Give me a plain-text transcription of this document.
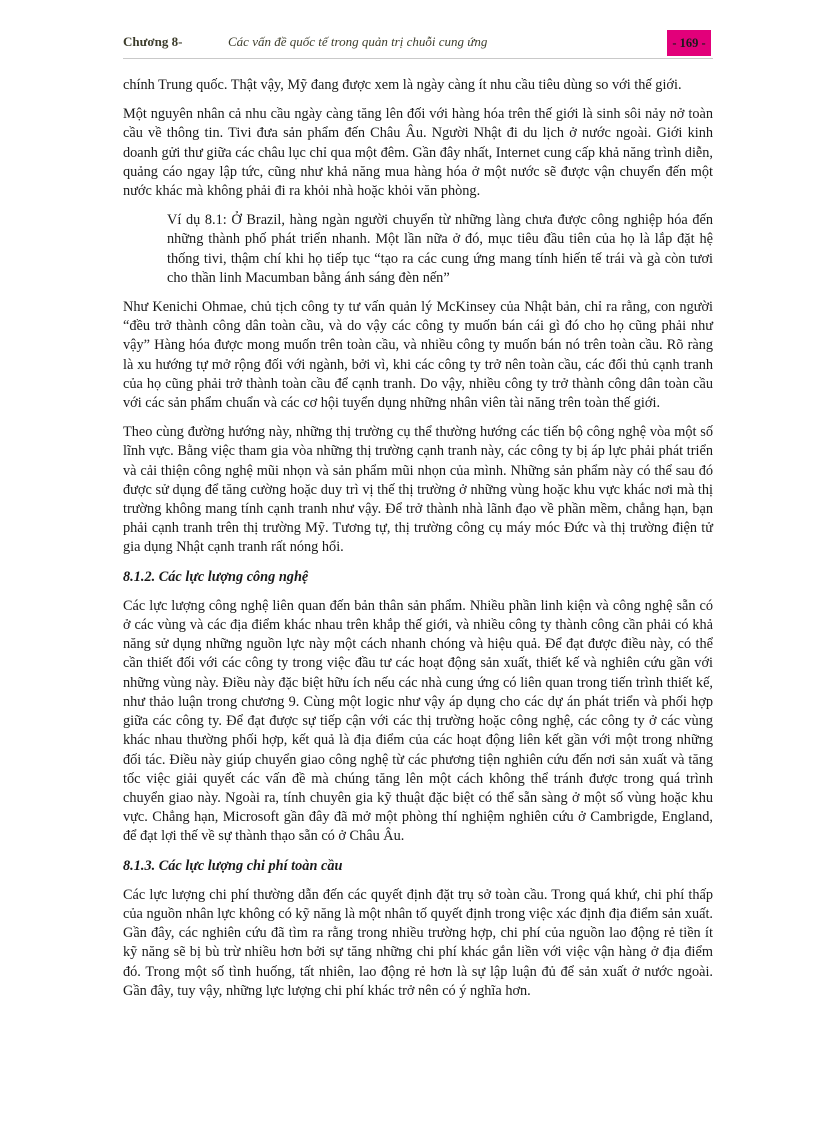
Chương 8-	Các vấn đề quốc tế trong quản trị chuỗi cung ứng	- 169 -

chính Trung quốc. Thật vậy, Mỹ đang được xem là ngày càng ít nhu cầu tiêu dùng so với thế giới.

Một nguyên nhân cả nhu cầu ngày càng tăng lên đối với hàng hóa trên thế giới là sinh sôi nảy nở toàn cầu về thông tin. Tivi đưa sản phẩm đến Châu Âu. Người Nhật đi du lịch ở nước ngoài. Giới kinh doanh gửi thư giữa các châu lục chỉ qua một đêm. Gần đây nhất, Internet cung cấp khả năng trình diễn, quảng cáo ngay lập tức, cũng như khả năng mua hàng hóa ở một nước sẽ được vận chuyển đến một nước khác mà không phải đi ra khỏi nhà hoặc khỏi văn phòng.

Ví dụ 8.1: Ở Brazil, hàng ngàn người chuyển từ những làng chưa được công nghiệp hóa đến những thành phố phát triển nhanh. Một lần nữa ở đó, mục tiêu đầu tiên của họ là lắp đặt hệ thống tivi, thậm chí khi họ tiếp tục “tạo ra các cung ứng mang tính hiến tế trái và gà còn tươi cho thần linh Macumban bằng ánh sáng đèn nến”

Như Kenichi Ohmae, chủ tịch công ty tư vấn quản lý McKinsey của Nhật bản, chỉ ra rằng, con người “đều trở thành công dân toàn cầu, và do vậy các công ty muốn bán cái gì đó cho họ cũng phải như vậy” Hàng hóa được mong muốn trên toàn cầu, và nhiều công ty muốn bán nó trên toàn cầu. Rõ ràng là xu hướng tự mở rộng đối với ngành, bởi vì, khi các công ty trở nên toàn cầu, các đối thủ cạnh tranh của họ cũng phải trở thành toàn cầu để cạnh tranh. Do vậy, nhiều công ty trở thành công dân toàn cầu với các sản phẩm chuẩn và các cơ hội tuyển dụng những nhân viên tài năng trên toàn thế giới.

Theo cùng đường hướng này, những thị trường cụ thể thường hướng các tiến bộ công nghệ vòa một số lĩnh vực. Bằng việc tham gia vòa những thị trường cạnh tranh này, các công ty bị áp lực phải phát triển và cải thiện công nghệ mũi nhọn và sản phẩm mũi nhọn của mình. Những sản phẩm này có thể sau đó được sử dụng để tăng cường hoặc duy trì vị thế thị trường ở những vùng hoặc khu vực khác nơi mà thị trường không mang tính cạnh tranh như vậy. Để trở thành nhà lãnh đạo về phần mềm, chẳng hạn, bạn phải cạnh tranh trên thị trường Mỹ. Tương tự, thị trường công cụ máy móc Đức và thị trường điện tử gia dụng Nhật cạnh tranh rất nóng hổi.

8.1.2. Các lực lượng công nghệ

Các lực lượng công nghệ liên quan đến bản thân sản phẩm. Nhiều phần linh kiện và công nghệ sẵn có ở các vùng và các địa điểm khác nhau trên khắp thế giới, và nhiều công ty thành công cần phải có khả năng sử dụng những nguồn lực này một cách nhanh chóng và hiệu quả. Để đạt được điều này, có thể cần thiết đối với các công ty trong việc đầu tư các hoạt động sản xuất, thiết kế và nghiên cứu gần với những vùng này. Điều này đặc biệt hữu ích nếu các nhà cung ứng có liên quan trong tiến trình thiết kế, như thảo luận trong chương 9. Cùng một logic như vậy áp dụng cho các dự án phát triển và phối hợp giữa các công ty. Để đạt được sự tiếp cận với các thị trường hoặc công nghệ, các công ty ở các vùng khác nhau thường phối hợp, kết quả là địa điểm của các hoạt động liên kết gần với một trong những đối tác. Điều này giúp chuyển giao công nghệ từ các phương tiện nghiên cứu đến nơi sản xuất và tăng tốc việc giải quyết các vấn đề mà chúng tăng lên một cách không thể tránh được trong quá trình chuyển giao này. Ngoài ra, tính chuyên gia kỹ thuật đặc biệt có thể sẵn sàng ở một số vùng hoặc khu vực. Chẳng hạn, Microsoft gần đây đã mở một phòng thí nghiệm nghiên cứu ở Cambrigde, England, để đạt lợi thế về sự thành thạo sẵn có ở Châu Âu.

8.1.3. Các lực lượng chi phí toàn cầu

Các lực lượng chi phí thường dẫn đến các quyết định đặt trụ sở toàn cầu. Trong quá khứ, chi phí thấp của nguồn nhân lực không có kỹ năng là một nhân tố quyết định trong việc xác định địa điểm sản xuất. Gần đây, các nghiên cứu đã tìm ra rằng trong nhiều trường hợp, chi phí của nguồn lao động rẻ tiền ít kỹ năng sẽ bị bù trừ nhiều hơn bởi sự tăng những chi phí khác gắn liền với việc vận hàng ở địa điểm đó. Trong một số tình huống, tất nhiên, lao động rẻ hơn là sự lập luận đủ để sản xuất ở nước ngoài. Gần đây, tuy vậy, những lực lượng chi phí khác trở nên có ý nghĩa hơn.
